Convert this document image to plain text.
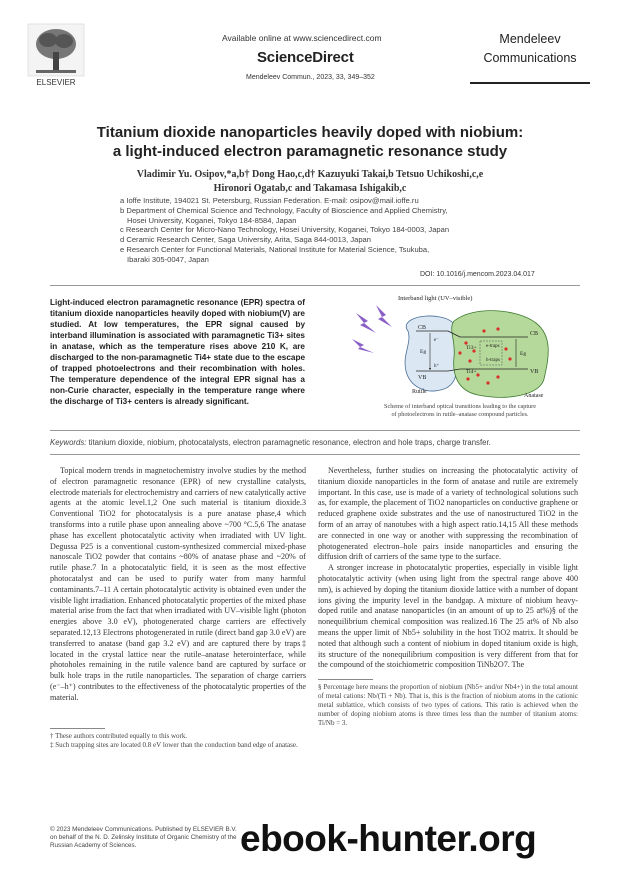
ELSEVIER
Available online at www.sciencedirect.com
ScienceDirect
Mendeleev Commun., 2023, 33, 349–352
Mendeleev
Communications
Titanium dioxide nanoparticles heavily doped with niobium:
a light-induced electron paramagnetic resonance study
Vladimir Yu. Osipov,*a,b† Dong Hao,c,d† Kazuyuki Takai,b Tetsuo Uchikoshi,c,e
Hironori Ogatab,c and Takamasa Ishigakib,c
a Ioffe Institute, 194021 St. Petersburg, Russian Federation. E-mail: osipov@mail.ioffe.ru
b Department of Chemical Science and Technology, Faculty of Bioscience and Applied Chemistry,
Hosei University, Koganei, Tokyo 184-8584, Japan
c Research Center for Micro-Nano Technology, Hosei University, Koganei, Tokyo 184-0003, Japan
d Ceramic Research Center, Saga University, Arita, Saga 844-0013, Japan
e Research Center for Functional Materials, National Institute for Material Science, Tsukuba,
Ibaraki 305-0047, Japan
DOI: 10.1016/j.mencom.2023.04.017
Light-induced electron paramagnetic resonance (EPR) spectra of titanium dioxide nanoparticles heavily doped with niobium(V) are studied. At low temperatures, the EPR signal caused by interband illumination is associated with paramagnetic Ti3+ sites in anatase, which as the temperature rises above 210 K, are discharged to the non-paramagnetic Ti4+ state due to the escape of trapped photoelectrons and their recombination with holes. The temperature dependence of the integral EPR signal has a non-Curie character, especially in the temperature range where the discharge of Ti3+ centers is already significant.
Interband light (UV–visible)
CB
VB
CB
VB
Eg	Eg
Ti3+
Ti4+
e-traps
h-traps
e⁻
h⁺
Rutile
Anatase
Scheme of interband optical transitions leading to the capture
of photoelectrons in rutile–anatase compound particles.
Keywords: titanium dioxide, niobium, photocatalysts, electron paramagnetic resonance, electron and hole traps, charge transfer.

Topical modern trends in magnetochemistry involve studies by the method of electron paramagnetic resonance (EPR) of new crystalline catalysts, electrode materials for electrochemistry and carriers of new catalytically active agents at the atomic level.1,2 One such material is titanium dioxide.3 Conventional TiO2 for photocatalysis is a pure anatase phase,4 which transforms into a rutile phase upon annealing above ~700 °C.5,6 The anatase phase has excellent photocatalytic activity when irradiated with UV light. Degussa P25 is a conventional custom-synthesized commercial mixed-phase nanoscale TiO2 powder that contains ~80% of anatase phase and ~20% of rutile phase.7 In a photocatalytic field, it is seen as the most effective photocatalyst and can be used to purify water from many harmful contaminants.7–11 A certain photocatalytic activity is obtained even under the visible light irradiation. Enhanced photocatalytic properties of the mixed phase material arise from the fact that when irradiated with UV–visible light (photon energies above 3.0 eV), photogenerated charge carriers are effectively separated.12,13 Electrons photogenerated in rutile (direct band gap 3.0 eV) are transferred to anatase (band gap 3.2 eV) and are captured there by traps‡ located in the crystal lattice near the rutile–anatase heterointerface, while photoholes remaining in the rutile valence band are captured by surface or bulk hole traps in the rutile nanoparticles. The separation of charge carriers (e⁻–h⁺) contributes to the effectiveness of the photocatalytic properties of the material.

† These authors contributed equally to this work.
‡ Such trapping sites are located 0.8 eV lower than the conduction band edge of anatase.

Nevertheless, further studies on increasing the photocatalytic activity of titanium dioxide nanoparticles in the form of anatase and rutile are extremely important. In this case, use is made of a variety of technological solutions such as, for example, the placement of TiO2 nanoparticles on conductive graphene or reduced graphene oxide substrates and the use of nanostructured TiO2 in the form of an array of nanotubes with a high aspect ratio.14,15 All these methods are connected in one way or another with suppressing the recombination of photogenerated electron–hole pairs inside nanoparticles and ensuring the diffusion drift of carriers of the same type to the surface.

A stronger increase in photocatalytic properties, especially in visible light photocatalytic activity (when using light from the spectral range above 400 nm), is achieved by doping the titanium dioxide lattice with a number of dopant ions giving the impurity level in the bandgap. A mixture of niobium heavy-doped rutile and anatase nanoparticles (in an amount of up to 25 at%)§ of the nonequilibrium chemical composition was realized.16 The 25 at% of Nb also means the upper limit of Nb5+ solubility in the host TiO2 matrix. It should be noted that although such a content of niobium in doped titanium oxide is high, its structure of the nonequilibrium composition is very different from that for the compound of the stoichiometric composition TiNb2O7. The

§ Percentage here means the proportion of niobium (Nb5+ and/or Nb4+) in the total amount of metal cations: Nb/(Ti + Nb). That is, this is the fraction of niobium atoms in the cationic metal sublattice, which consists of two types of cations. This ratio is achieved when the number of doping niobium atoms is three times less than the number of titanium atoms: Ti/Nb = 3.
© 2023 Mendeleev Communications. Published by ELSEVIER B.V.
on behalf of the N. D. Zelinsky Institute of Organic Chemistry of the
Russian Academy of Sciences.	ebook-hunter.org
